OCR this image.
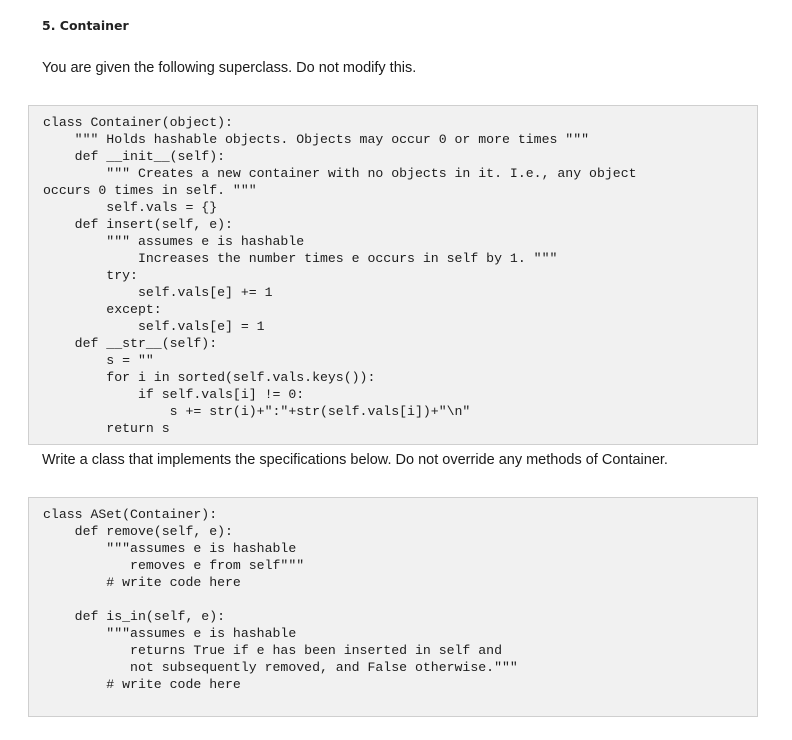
5. Container
You are given the following superclass. Do not modify this.
class Container(object):
""" Holds hashable objects. Objects may occur 0 or more times """
def __init__(self):
""" Creates a new container with no objects in it. I.e., any object
occurs 0 times in self. """
self.vals = {}
def insert(self, e):
""" assumes e is hashable
Increases the number times e occurs in self by 1. """
try:
self.vals[e] += 1
except:
self.vals[e] = 1
def __str__(self):
s = ""
for i in sorted(self.vals.keys()):
if self.vals[i] != 0:
s += str(i)+":"+str(self.vals[i])+"\n"
return s
Write a class that implements the specifications below. Do not override any methods of Container.
class ASet(Container):
def remove(self, e):
"""assumes e is hashable
removes e from self"""
# write code here
def is_in(self, e):
"""assumes e is hashable
returns True if e has been inserted in self and
not subsequently removed, and False otherwise."""
# write code here
